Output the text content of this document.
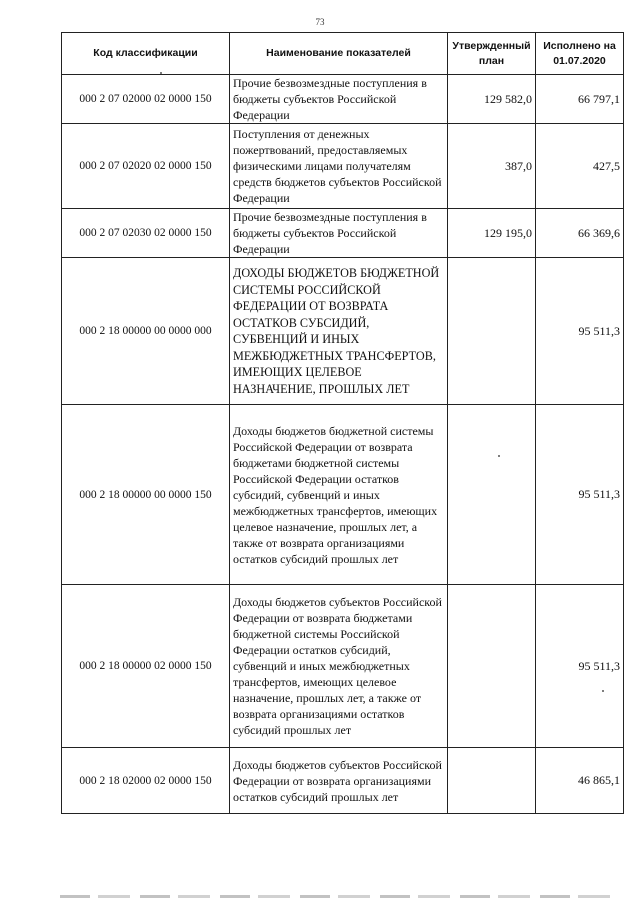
73
Код классификации	Наименование показателей	Утвержденный план	Исполнено на 01.07.2020
000 2 07 02000 02 0000 150	Прочие безвозмездные поступления в бюджеты субъектов Российской Федерации	129 582,0	66 797,1
000 2 07 02020 02 0000 150	Поступления от денежных пожертвований, предоставляемых физическими лицами получателям средств бюджетов субъектов Российской Федерации	387,0	427,5
000 2 07 02030 02 0000 150	Прочие безвозмездные поступления в бюджеты субъектов Российской Федерации	129 195,0	66 369,6
000 2 18 00000 00 0000 000	ДОХОДЫ БЮДЖЕТОВ БЮДЖЕТНОЙ СИСТЕМЫ РОССИЙСКОЙ ФЕДЕРАЦИИ ОТ ВОЗВРАТА ОСТАТКОВ СУБСИДИЙ, СУБВЕНЦИЙ И ИНЫХ МЕЖБЮДЖЕТНЫХ ТРАНСФЕРТОВ, ИМЕЮЩИХ ЦЕЛЕВОЕ НАЗНАЧЕНИЕ, ПРОШЛЫХ ЛЕТ		95 511,3
000 2 18 00000 00 0000 150	Доходы бюджетов бюджетной системы Российской Федерации от возврата бюджетами бюджетной системы Российской Федерации остатков субсидий, субвенций и иных межбюджетных трансфертов, имеющих целевое назначение, прошлых лет, а также от возврата организациями остатков субсидий прошлых лет		95 511,3
000 2 18 00000 02 0000 150	Доходы бюджетов субъектов Российской Федерации от возврата бюджетами бюджетной системы Российской Федерации остатков субсидий, субвенций и иных межбюджетных трансфертов, имеющих целевое назначение, прошлых лет, а также от возврата организациями остатков субсидий прошлых лет		95 511,3
000 2 18 02000 02 0000 150	Доходы бюджетов субъектов Российской Федерации от возврата организациями остатков субсидий прошлых лет		46 865,1
